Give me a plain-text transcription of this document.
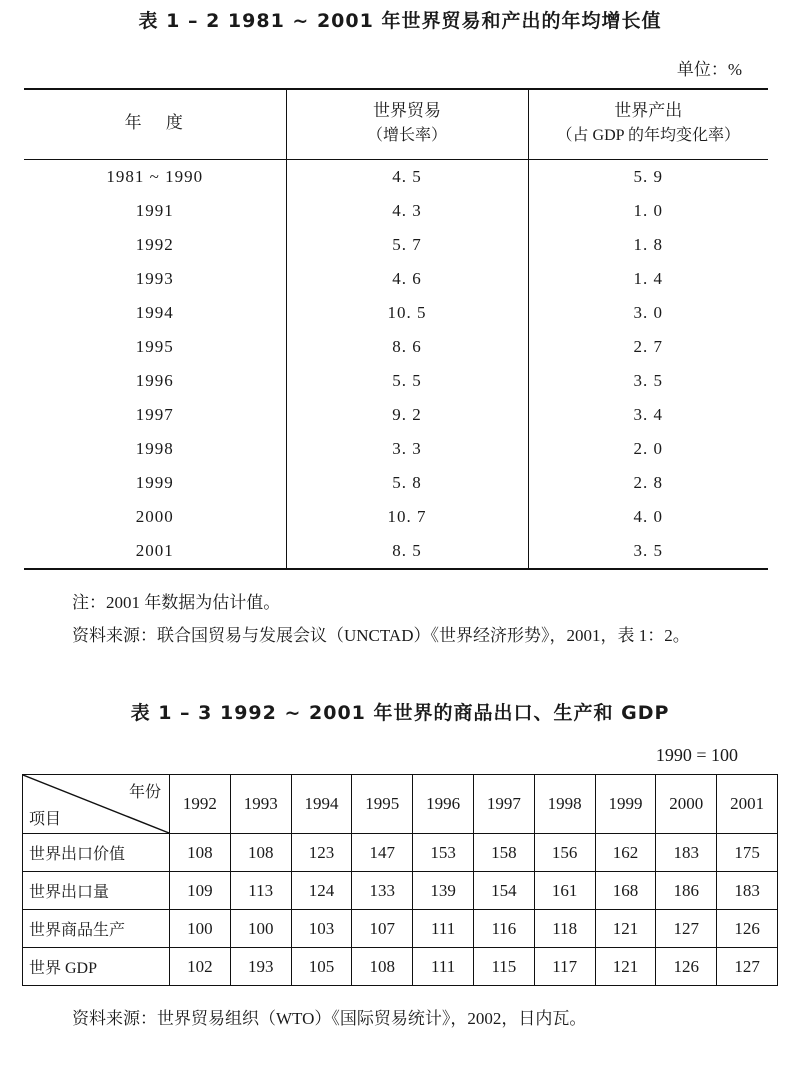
表 1 – 2 1981 ~ 2001 年世界贸易和产出的年均增长值
单位：%
年 度

世界贸易
（增长率）

世界产出
（占 GDP 的年均变化率）

1981 ~ 1990	4. 5	5. 9
1991	4. 3	1. 0
1992	5. 7	1. 8
1993	4. 6	1. 4
1994	10. 5	3. 0
1995	8. 6	2. 7
1996	5. 5	3. 5
1997	9. 2	3. 4
1998	3. 3	2. 0
1999	5. 8	2. 8
2000	10. 7	4. 0
2001	8. 5	3. 5
注：2001 年数据为估计值。
资料来源：联合国贸易与发展会议（UNCTAD）《世界经济形势》，2001，表 1：2。
表 1 – 3 1992 ~ 2001 年世界的商品出口、生产和 GDP
1990 = 100
年份
项目	1992	1993	1994	1995	1996	1997	1998	1999	2000	2001
世界出口价值	108	108	123	147	153	158	156	162	183	175
世界出口量	109	113	124	133	139	154	161	168	186	183
世界商品生产	100	100	103	107	111	116	118	121	127	126
世界 GDP	102	193	105	108	111	115	117	121	126	127
资料来源：世界贸易组织（WTO）《国际贸易统计》，2002，日内瓦。
